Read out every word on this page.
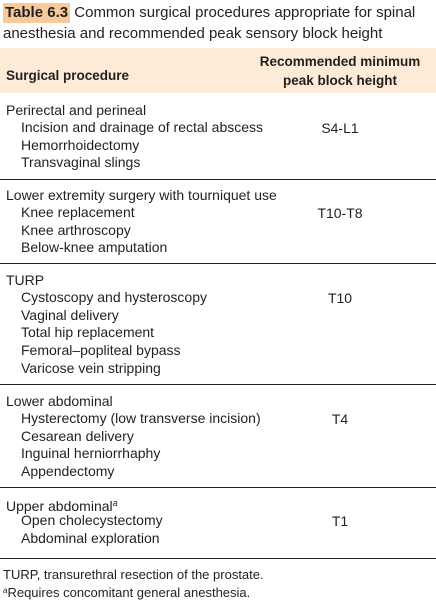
Table 6.3 Common surgical procedures appropriate for spinal anesthesia and recommended peak sensory block height
Surgical procedure
Recommended minimum
peak block height
Perirectal and perineal
Incision and drainage of rectal abscess
Hemorrhoidectomy
Transvaginal slings
S4-L1
Lower extremity surgery with tourniquet use
Knee replacement
Knee arthroscopy
Below-knee amputation
T10-T8
TURP
Cystoscopy and hysteroscopy
Vaginal delivery
Total hip replacement
Femoral–popliteal bypass
Varicose vein stripping
T10
Lower abdominal
Hysterectomy (low transverse incision)
Cesarean delivery
Inguinal herniorrhaphy
Appendectomy
T4
Upper abdominal$^a$
Open cholecystectomy
Abdominal exploration
T1
TURP, transurethral resection of the prostate.
$^a$Requires concomitant general anesthesia.
